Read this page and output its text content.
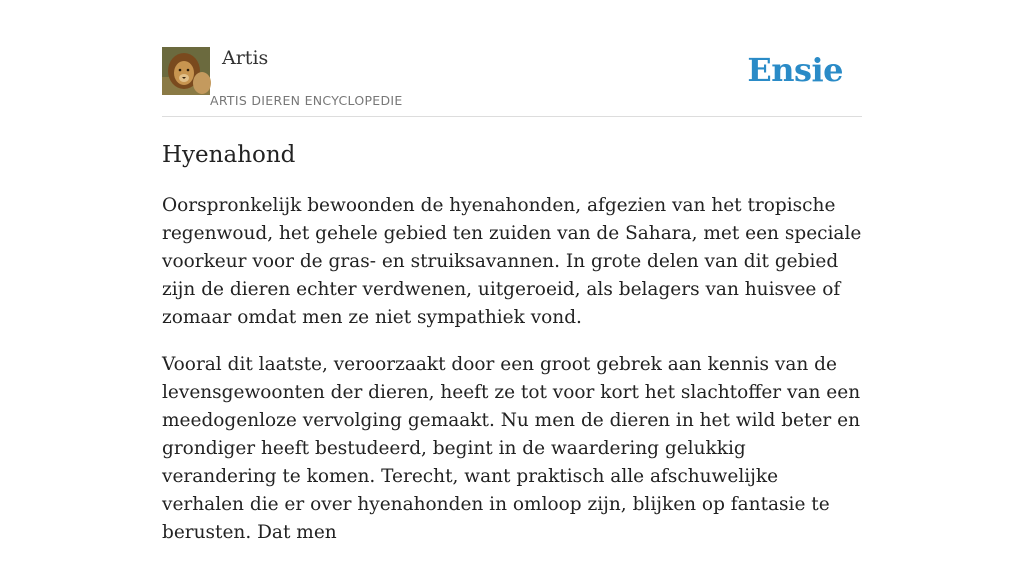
Artis
ARTIS DIEREN ENCYCLOPEDIE
Ensie
Hyenahond

Oorspronkelijk bewoonden de hyenahonden, afgezien van het tropische regenwoud, het gehele gebied ten zuiden van de Sahara, met een speciale voorkeur voor de gras- en struiksavannen. In grote delen van dit gebied zijn de dieren echter verdwenen, uitgeroeid, als belagers van huisvee of zomaar omdat men ze niet sympathiek vond.

Vooral dit laatste, veroorzaakt door een groot gebrek aan kennis van de levensgewoonten der dieren, heeft ze tot voor kort het slachtoffer van een meedogenloze vervolging gemaakt. Nu men de dieren in het wild beter en grondiger heeft bestudeerd, begint in de waardering gelukkig verandering te komen. Terecht, want praktisch alle afschuwelijke verhalen die er over hyenahonden in omloop zijn, blijken op fantasie te berusten. Dat men
